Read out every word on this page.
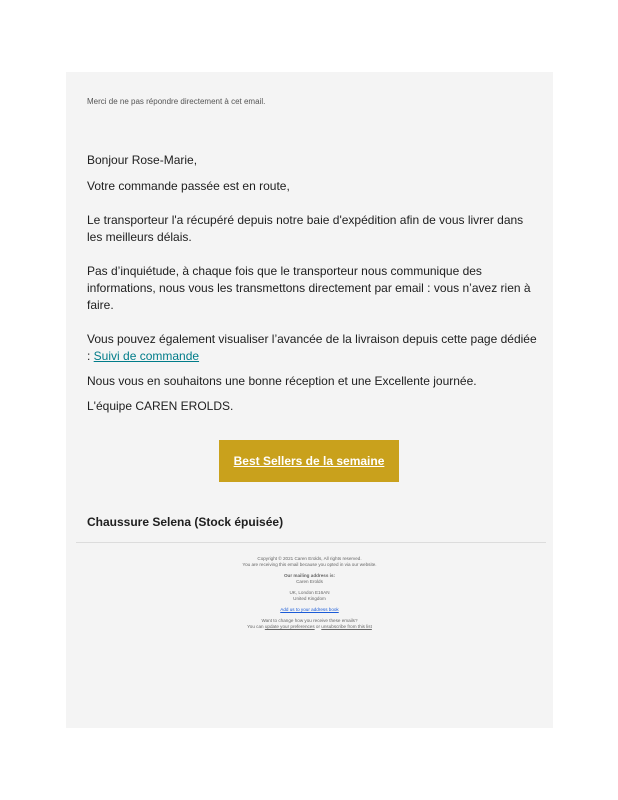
Merci de ne pas répondre directement à cet email.

Bonjour Rose-Marie,

Votre commande passée est en route,

Le transporteur l'a récupéré depuis notre baie d'expédition afin de vous livrer dans les meilleurs délais.

Pas d’inquiétude, à chaque fois que le transporteur nous communique des informations, nous vous les transmettons directement par email : vous n’avez rien à faire.

Vous pouvez également visualiser l’avancée de la livraison depuis cette page dédiée : Suivi de commande

Nous vous en souhaitons une bonne réception et une Excellente journée.

L'équipe CAREN EROLDS.

Best Sellers de la semaine
Chaussure Selena (Stock épuisée)
Copyright © 2021 Caren Erolds, All rights reserved.
You are receiving this email because you opted in via our website.
Our mailing address is:
Caren Erolds
UK, London E16AN
United Kingdom
Add us to your address book
Want to change how you receive these emails?
You can update your preferences or unsubscribe from this list
